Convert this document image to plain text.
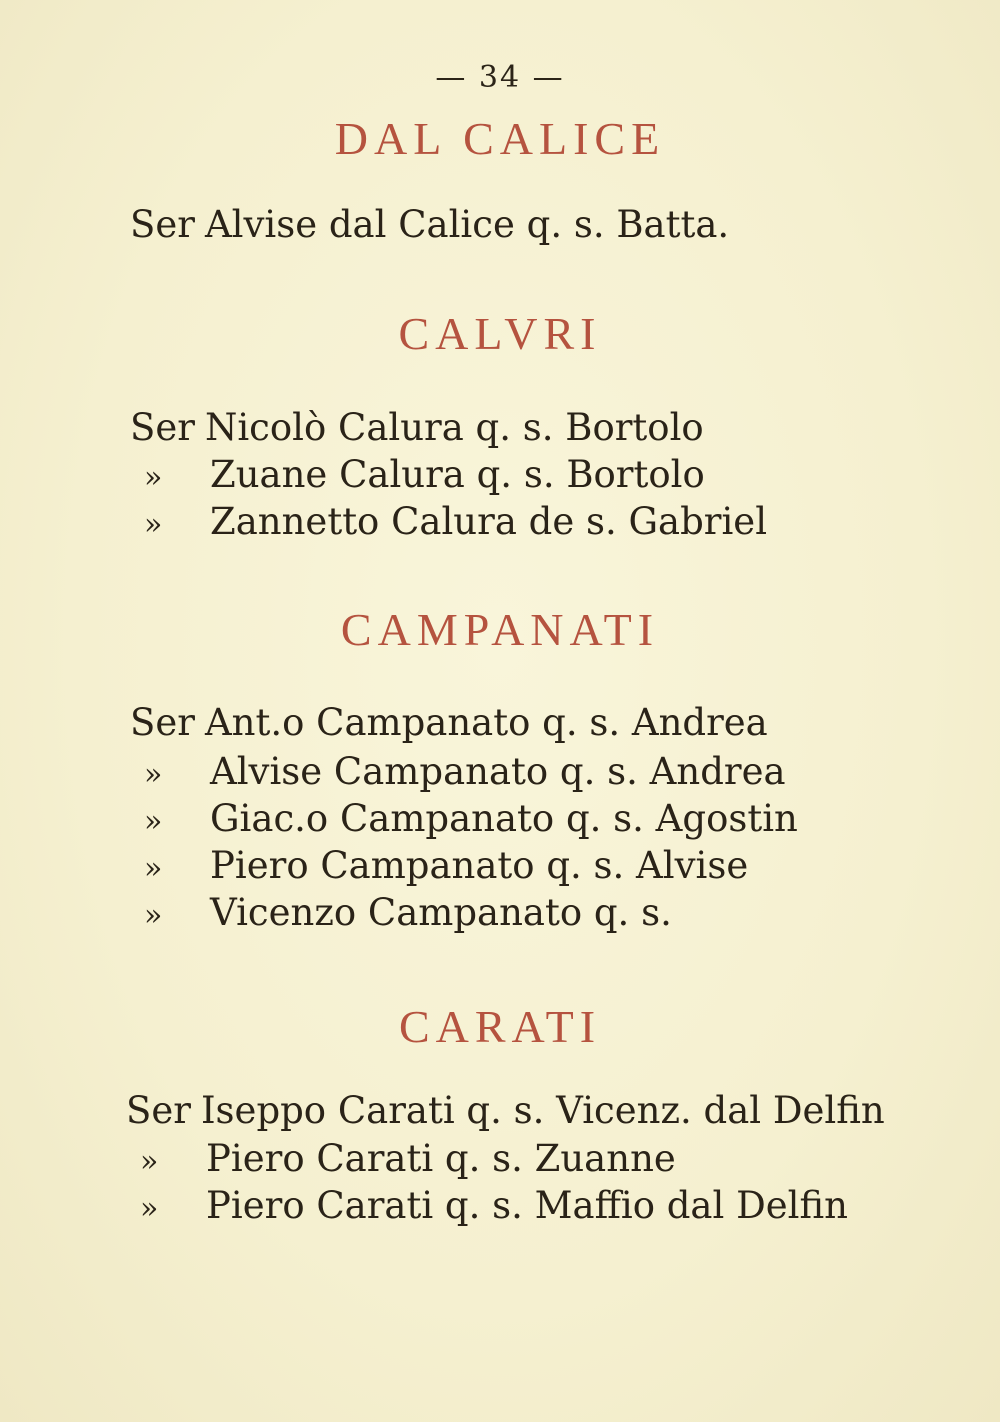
— 34 —
DAL CALICE
Ser Alvise dal Calice q. s. Batta.
CALVRI
Ser Nicolò Calura q. s. Bortolo
» Zuane Calura q. s. Bortolo
» Zannetto Calura de s. Gabriel
CAMPANATI
Ser Ant.o Campanato q. s. Andrea
» Alvise Campanato q. s. Andrea
» Giac.o Campanato q. s. Agostin
» Piero Campanato q. s. Alvise
» Vicenzo Campanato q. s.
CARATI
Ser Iseppo Carati q. s. Vicenz. dal Delfin
» Piero Carati q. s. Zuanne
» Piero Carati q. s. Maffio dal Delfin
